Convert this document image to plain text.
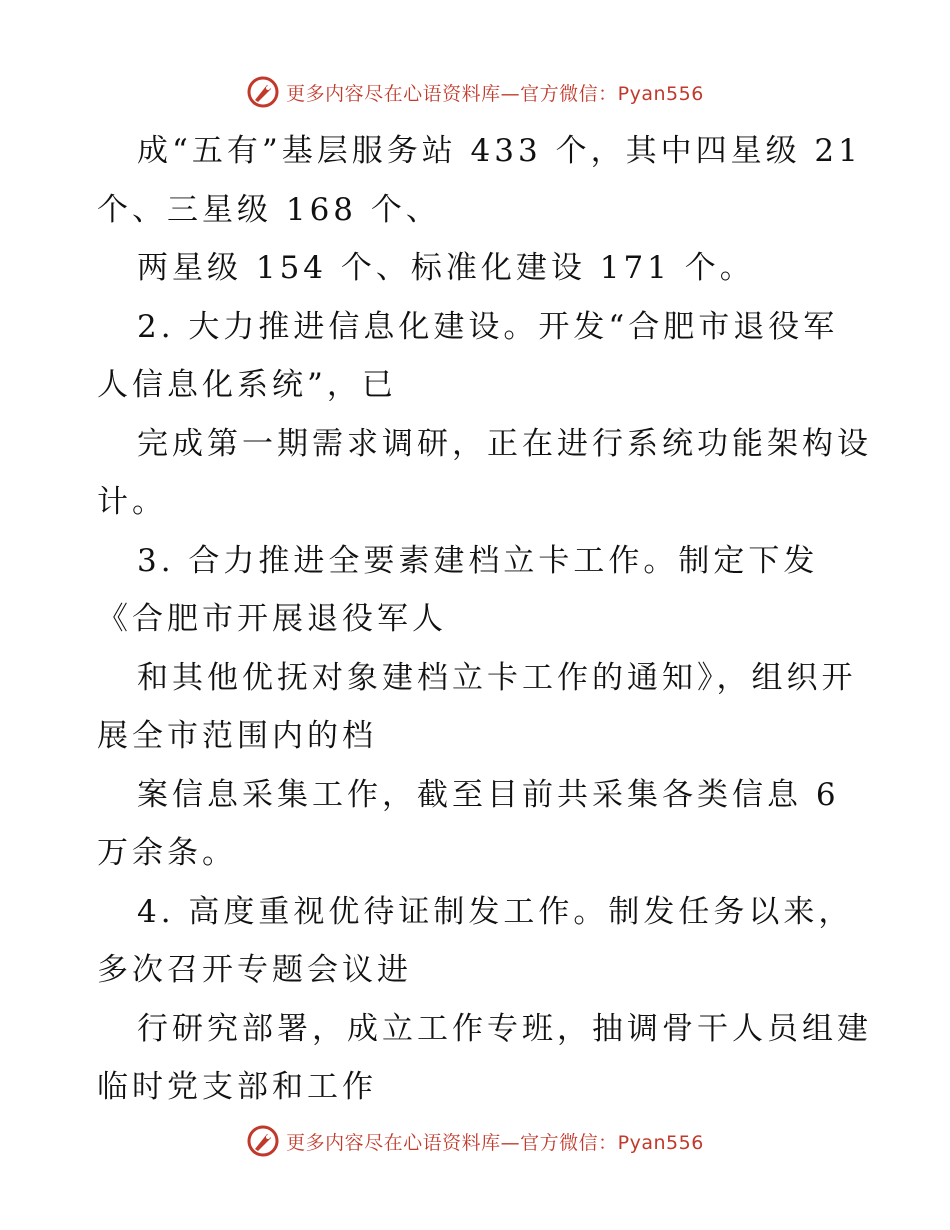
更多内容尽在心语资料库—官方微信：Pyan556
成“五有”基层服务站 433 个，其中四星级 21
个、三星级 168 个、
两星级 154 个、标准化建设 171 个。
2. 大力推进信息化建设。开发“合肥市退役军
人信息化系统”，已
完成第一期需求调研，正在进行系统功能架构设
计。
3. 合力推进全要素建档立卡工作。制定下发
《合肥市开展退役军人
和其他优抚对象建档立卡工作的通知》，组织开
展全市范围内的档
案信息采集工作，截至目前共采集各类信息 6
万余条。
4. 高度重视优待证制发工作。制发任务以来，
多次召开专题会议进
行研究部署，成立工作专班，抽调骨干人员组建
临时党支部和工作
更多内容尽在心语资料库—官方微信：Pyan556
